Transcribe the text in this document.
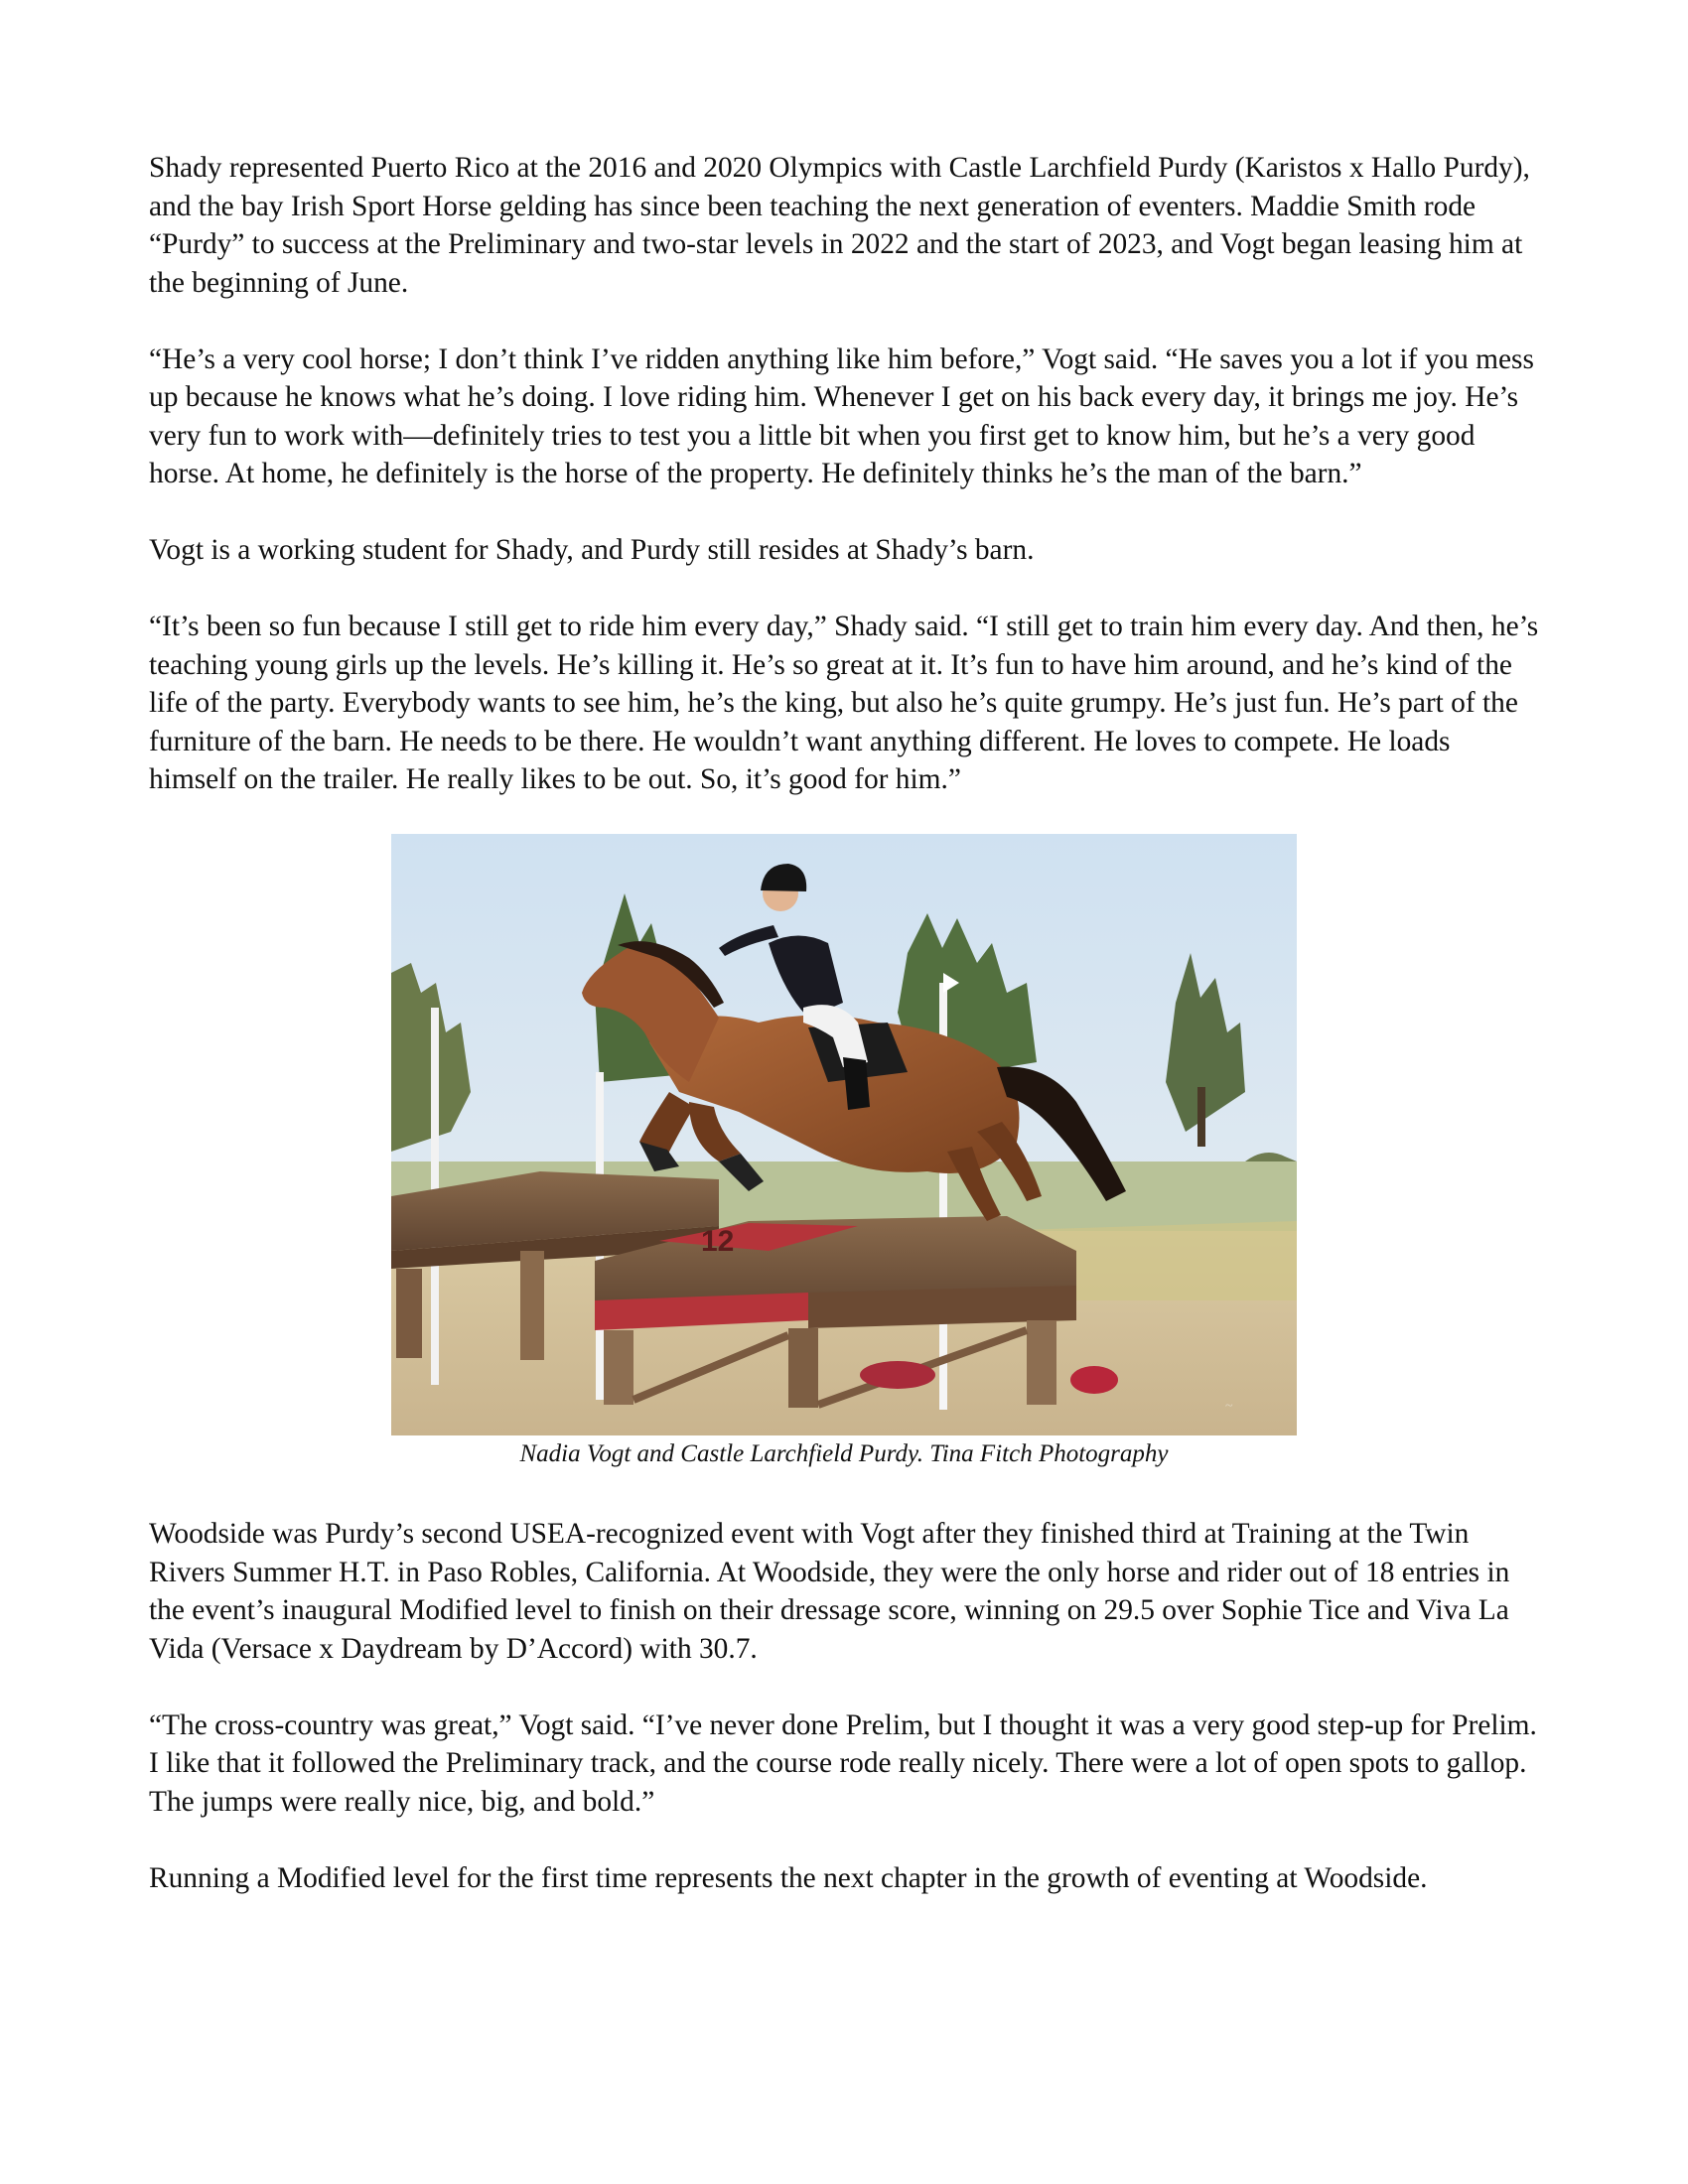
Shady represented Puerto Rico at the 2016 and 2020 Olympics with Castle Larchfield Purdy (Karistos x Hallo Purdy), and the bay Irish Sport Horse gelding has since been teaching the next generation of eventers. Maddie Smith rode “Purdy” to success at the Preliminary and two-star levels in 2022 and the start of 2023, and Vogt began leasing him at the beginning of June.

“He’s a very cool horse; I don’t think I’ve ridden anything like him before,” Vogt said. “He saves you a lot if you mess up because he knows what he’s doing. I love riding him. Whenever I get on his back every day, it brings me joy. He’s very fun to work with—definitely tries to test you a little bit when you first get to know him, but he’s a very good horse. At home, he definitely is the horse of the property. He definitely thinks he’s the man of the barn.”

Vogt is a working student for Shady, and Purdy still resides at Shady’s barn.

“It’s been so fun because I still get to ride him every day,” Shady said. “I still get to train him every day. And then, he’s teaching young girls up the levels. He’s killing it. He’s so great at it. It’s fun to have him around, and he’s kind of the life of the party. Everybody wants to see him, he’s the king, but also he’s quite grumpy. He’s just fun. He’s part of the furniture of the barn. He needs to be there. He wouldn’t want anything different. He loves to compete. He loads himself on the trailer. He really likes to be out. So, it’s good for him.”

12
~
Nadia Vogt and Castle Larchfield Purdy. Tina Fitch Photography

Woodside was Purdy’s second USEA-recognized event with Vogt after they finished third at Training at the Twin Rivers Summer H.T. in Paso Robles, California. At Woodside, they were the only horse and rider out of 18 entries in the event’s inaugural Modified level to finish on their dressage score, winning on 29.5 over Sophie Tice and Viva La Vida (Versace x Daydream by D’Accord) with 30.7.

“The cross-country was great,” Vogt said. “I’ve never done Prelim, but I thought it was a very good step-up for Prelim. I like that it followed the Preliminary track, and the course rode really nicely. There were a lot of open spots to gallop. The jumps were really nice, big, and bold.”

Running a Modified level for the first time represents the next chapter in the growth of eventing at Woodside.
